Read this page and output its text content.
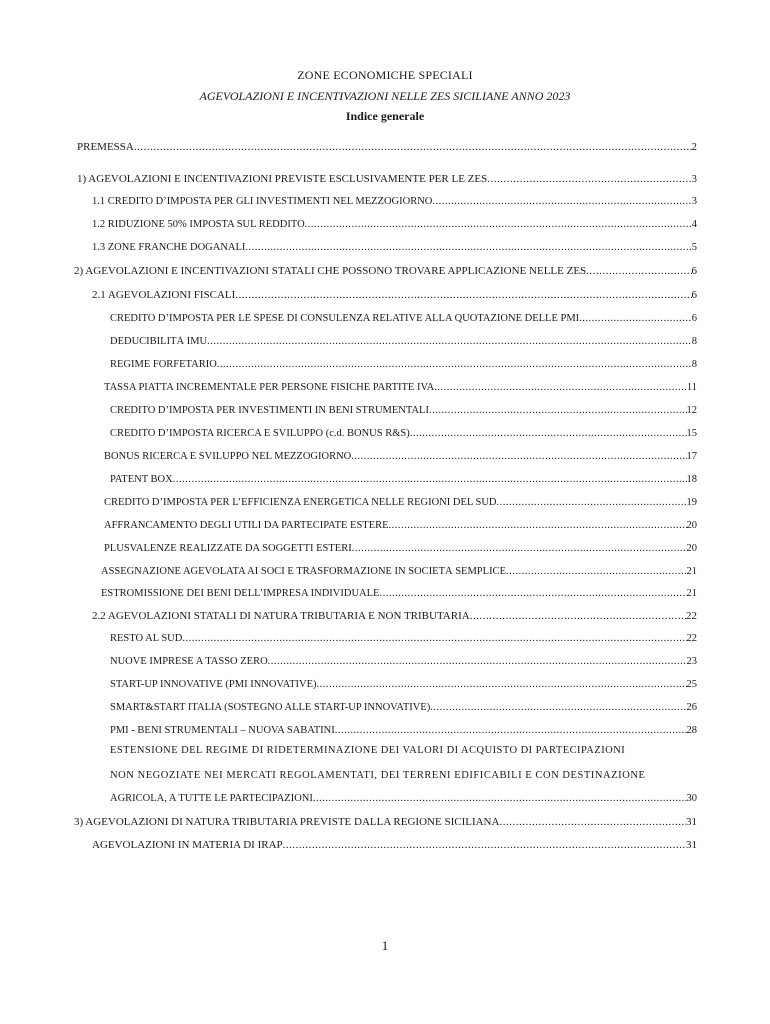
ZONE ECONOMICHE SPECIALI
AGEVOLAZIONI E INCENTIVAZIONI NELLE ZES SICILIANE ANNO 2023
Indice generale
PREMESSA .....	2
1) AGEVOLAZIONI E INCENTIVAZIONI PREVISTE ESCLUSIVAMENTE PER LE ZES .....	3
1.1 CREDITO D’IMPOSTA PER GLI INVESTIMENTI NEL MEZZOGIORNO .....	3
1.2 RIDUZIONE 50% IMPOSTA SUL REDDITO .....	4
1.3 ZONE FRANCHE DOGANALI .....	5
2) AGEVOLAZIONI E INCENTIVAZIONI STATALI CHE POSSONO TROVARE APPLICAZIONE NELLE ZES .....	6
2.1 AGEVOLAZIONI FISCALI .....	6
CREDITO D’IMPOSTA PER LE SPESE DI CONSULENZA RELATIVE ALLA QUOTAZIONE DELLE PMI .....	6
DEDUCIBILITÀ IMU .....	8
REGIME FORFETARIO .....	8
TASSA PIATTA INCREMENTALE PER PERSONE FISICHE PARTITE IVA .....	11
CREDITO D’IMPOSTA PER INVESTIMENTI IN BENI STRUMENTALI .....	12
CREDITO D’IMPOSTA RICERCA E SVILUPPO (c.d. BONUS R&S) .....	15
BONUS RICERCA E SVILUPPO NEL MEZZOGIORNO .....	17
PATENT BOX .....	18
CREDITO D’IMPOSTA PER L’EFFICIENZA ENERGETICA NELLE REGIONI DEL SUD .....	19
AFFRANCAMENTO DEGLI UTILI DA PARTECIPATE ESTERE .....	20
PLUSVALENZE REALIZZATE DA SOGGETTI ESTERI .....	20
ASSEGNAZIONE AGEVOLATA AI SOCI E TRASFORMAZIONE IN SOCIETÀ SEMPLICE .....	21
ESTROMISSIONE DEI BENI DELL’IMPRESA INDIVIDUALE .....	21
2.2 AGEVOLAZIONI STATALI DI NATURA TRIBUTARIA E NON TRIBUTARIA .....	22
RESTO AL SUD .....	22
NUOVE IMPRESE A TASSO ZERO .....	23
START-UP INNOVATIVE (PMI INNOVATIVE) .....	25
SMART&START ITALIA (SOSTEGNO ALLE START-UP INNOVATIVE) .....	26
PMI - BENI STRUMENTALI – NUOVA SABATINI .....	28
ESTENSIONE DEL REGIME DI RIDETERMINAZIONE DEI VALORI DI ACQUISTO DI PARTECIPAZIONI
NON NEGOZIATE NEI MERCATI REGOLAMENTATI, DEI TERRENI EDIFICABILI E CON DESTINAZIONE
AGRICOLA, A TUTTE LE PARTECIPAZIONI .....	30
3) AGEVOLAZIONI DI NATURA TRIBUTARIA PREVISTE DALLA REGIONE SICILIANA .....	31
AGEVOLAZIONI IN MATERIA DI IRAP .....	31
1
